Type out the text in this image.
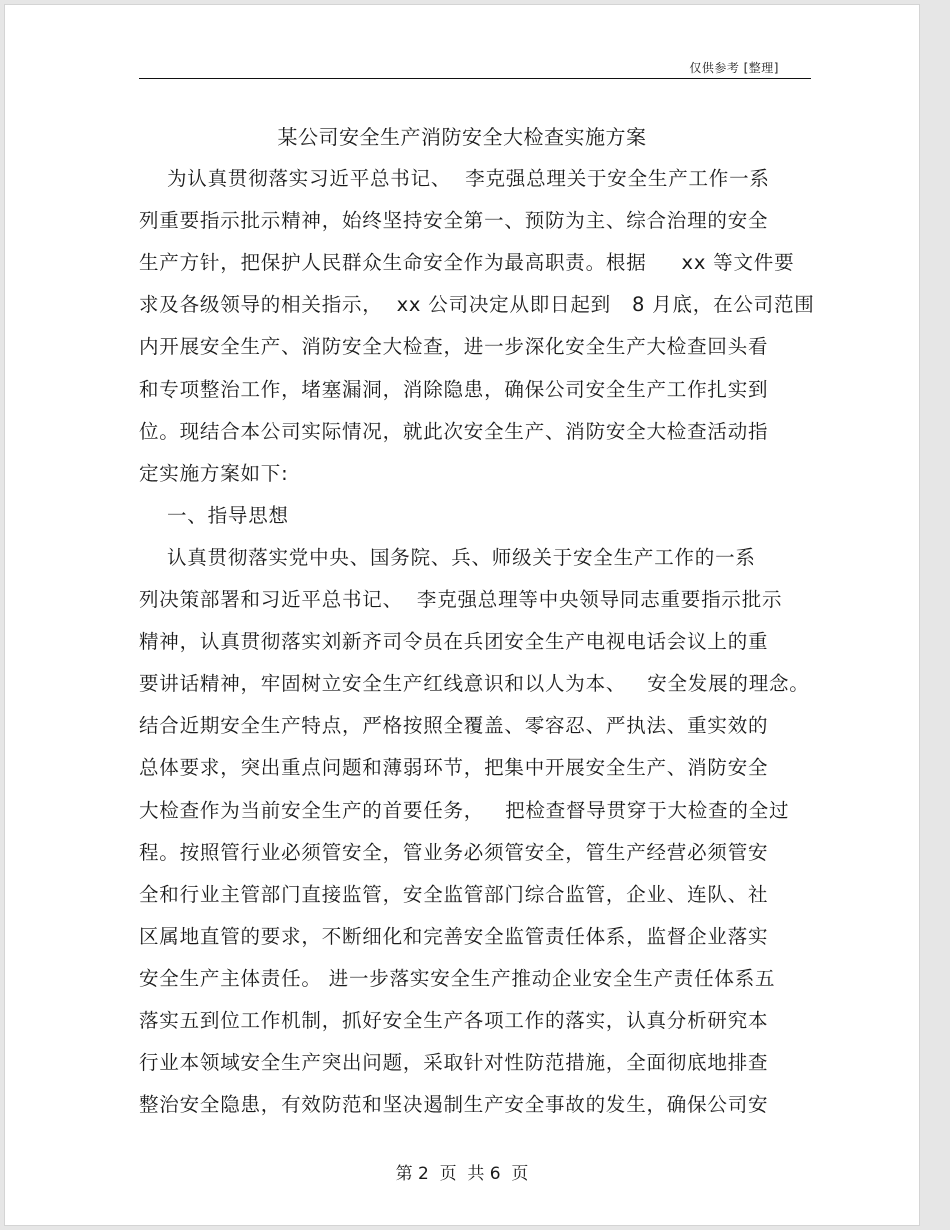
仅供参考 [整理]
某公司安全生产消防安全大检查实施方案
为认真贯彻落实习近平总书记、  李克强总理关于安全生产工作一系
列重要指示批示精神，始终坚持安全第一、预防为主、综合治理的安全
生产方针，把保护人民群众生命安全作为最高职责。根据     xx 等文件要
求及各级领导的相关指示，  xx 公司决定从即日起到   8 月底，在公司范围
内开展安全生产、消防安全大检查，进一步深化安全生产大检查回头看
和专项整治工作，堵塞漏洞，消除隐患，确保公司安全生产工作扎实到
位。现结合本公司实际情况，就此次安全生产、消防安全大检查活动指
定实施方案如下:
一、指导思想
认真贯彻落实党中央、国务院、兵、师级关于安全生产工作的一系
列决策部署和习近平总书记、  李克强总理等中央领导同志重要指示批示
精神，认真贯彻落实刘新齐司令员在兵团安全生产电视电话会议上的重
要讲话精神，牢固树立安全生产红线意识和以人为本、   安全发展的理念。
结合近期安全生产特点，严格按照全覆盖、零容忍、严执法、重实效的
总体要求，突出重点问题和薄弱环节，把集中开展安全生产、消防安全
大检查作为当前安全生产的首要任务，   把检查督导贯穿于大检查的全过
程。按照管行业必须管安全，管业务必须管安全，管生产经营必须管安
全和行业主管部门直接监管，安全监管部门综合监管，企业、连队、社
区属地直管的要求，不断细化和完善安全监管责任体系，监督企业落实
安全生产主体责任。 进一步落实安全生产推动企业安全生产责任体系五
落实五到位工作机制，抓好安全生产各项工作的落实，认真分析研究本
行业本领域安全生产突出问题，采取针对性防范措施，全面彻底地排查
整治安全隐患，有效防范和坚决遏制生产安全事故的发生，确保公司安
第 2  页  共 6  页
